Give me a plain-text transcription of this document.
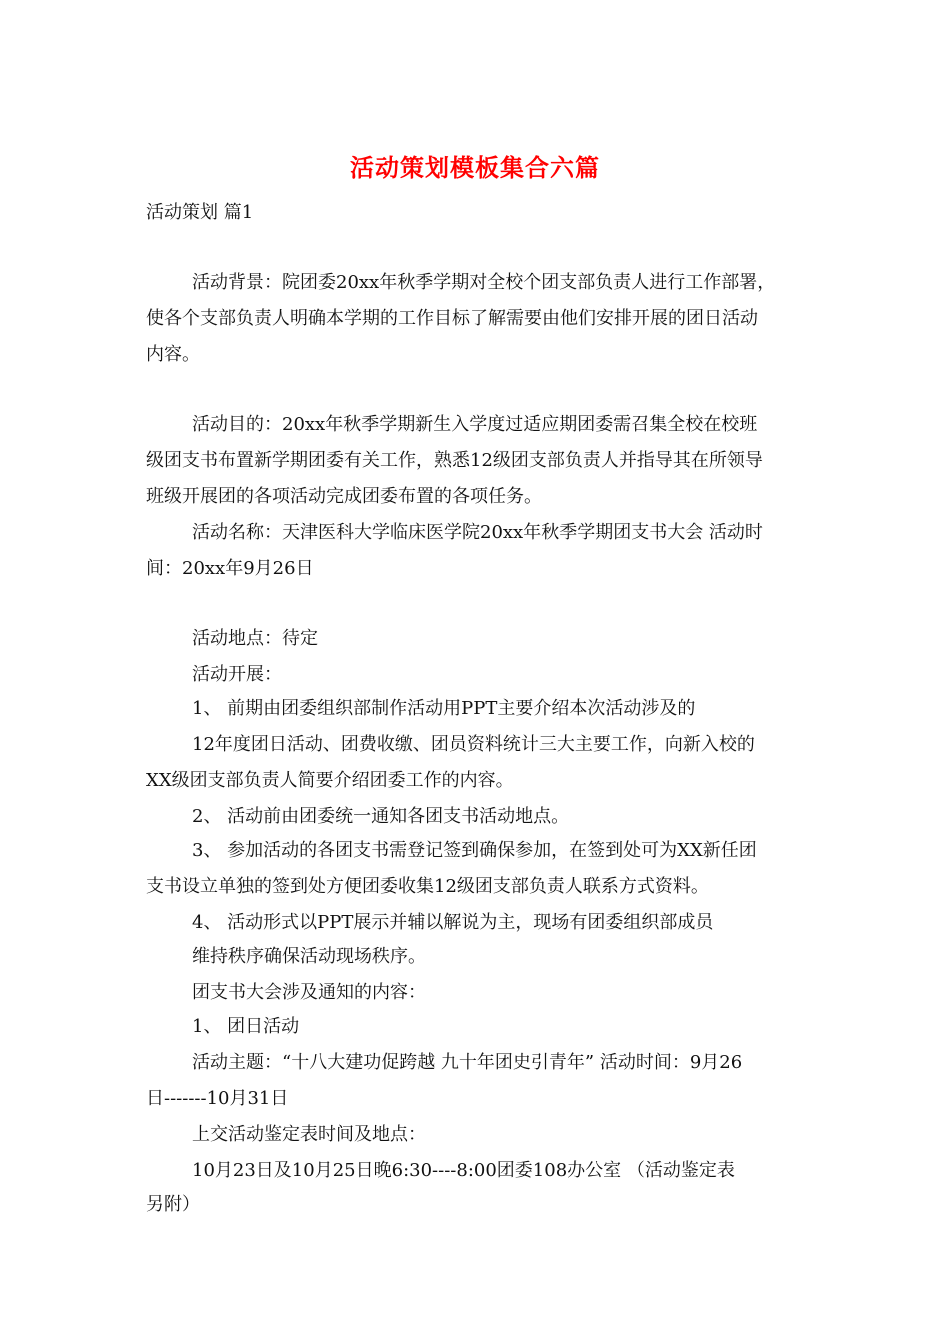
活动策划模板集合六篇
活动策划 篇1
活动背景：院团委20xx年秋季学期对全校个团支部负责人进行工作部署，
使各个支部负责人明确本学期的工作目标了解需要由他们安排开展的团日活动
内容。
活动目的：20xx年秋季学期新生入学度过适应期团委需召集全校在校班
级团支书布置新学期团委有关工作，熟悉12级团支部负责人并指导其在所领导
班级开展团的各项活动完成团委布置的各项任务。
活动名称：天津医科大学临床医学院20xx年秋季学期团支书大会 活动时
间：20xx年9月26日
活动地点：待定
活动开展：
1、 前期由团委组织部制作活动用PPT主要介绍本次活动涉及的
12年度团日活动、团费收缴、团员资料统计三大主要工作，向新入校的
XX级团支部负责人简要介绍团委工作的内容。
2、 活动前由团委统一通知各团支书活动地点。
3、 参加活动的各团支书需登记签到确保参加，在签到处可为XX新任团
支书设立单独的签到处方便团委收集12级团支部负责人联系方式资料。
4、 活动形式以PPT展示并辅以解说为主，现场有团委组织部成员
维持秩序确保活动现场秩序。
团支书大会涉及通知的内容：
1、 团日活动
活动主题：“十八大建功促跨越 九十年团史引青年” 活动时间：9月26
日-------10月31日
上交活动鉴定表时间及地点：
10月23日及10月25日晚6:30----8:00团委108办公室 （活动鉴定表
另附）
